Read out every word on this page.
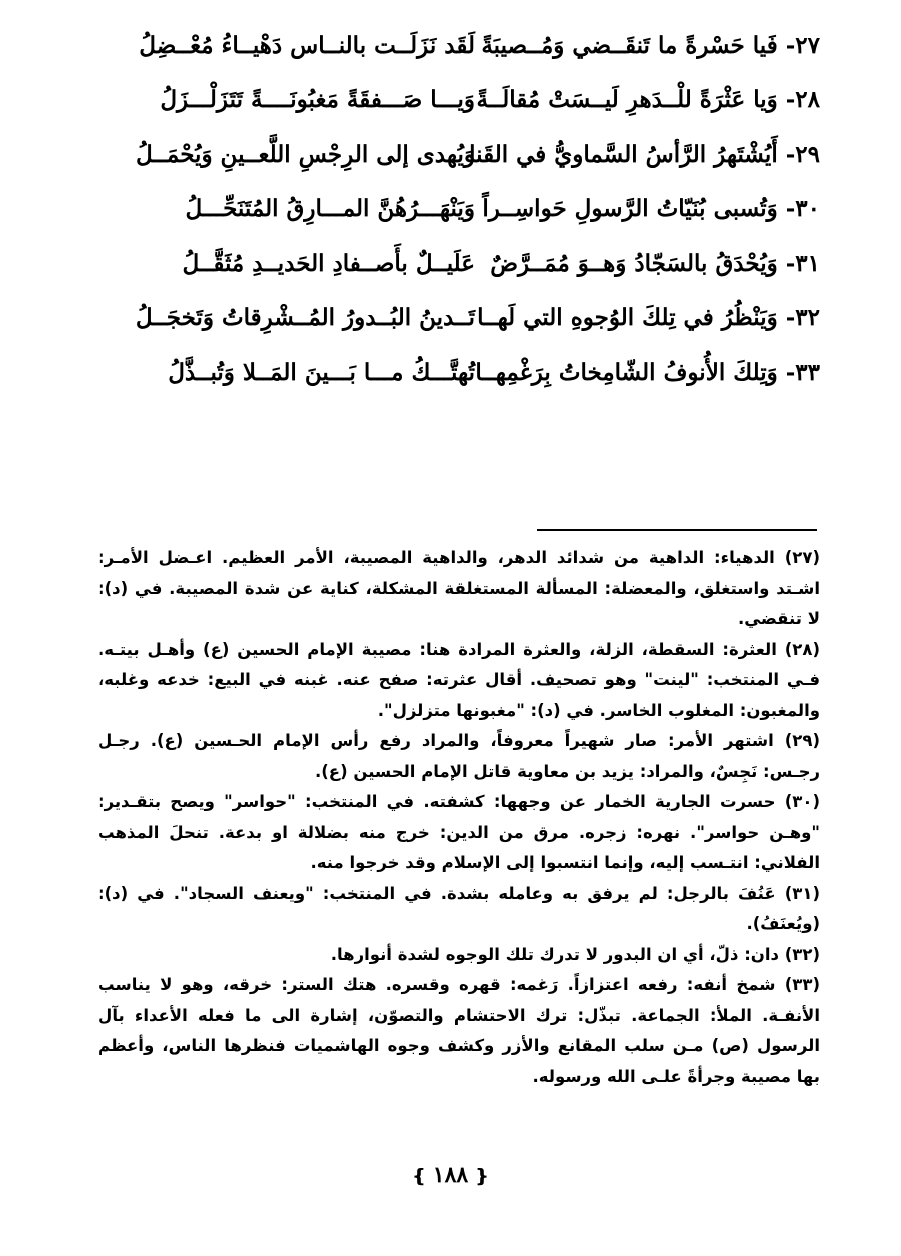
٢٧- فَيا حَسْرةً ما تَنقَــضي وَمُــصيبَةً
لَقَد نَزَلَــت بالنــاس دَهْيــاءُ مُعْــضِلُ
٢٨- وَيا عَثْرَةً للْــدَهرِ لَيــسَتْ مُقالَــةً
وَيـــا صَـــفقَةً مَغبُونَــــةً تَتَزَلْـــزَلُ
٢٩- أَيُشْتَهرُ الرَّأسُ السَّماويُّ في القَنا
وَيُهدى إلى الرِجْسِ اللَّعــينِ وَيُحْمَــلُ
٣٠- وَتُسبى بُنَيّاتُ الرَّسولِ حَواسِــراً
وَيَنْهَـــرُهُنَّ المـــارِقُ المُتَنَحِّـــلُ
٣١- وَيُحْدَقُ بالسَجّادُ وَهــوَ مُمَــرَّضٌ
عَلَيــلٌ بأَصــفادِ الحَديــدِ مُثَقَّــلُ
٣٢- وَيَنْظُرُ في تِلكَ الوُجوهِ التي لَهــا
تَــدينُ البُــدورُ المُــشْرِقاتُ وَتَخجَــلُ
٣٣- وَتِلكَ الأُنوفُ الشّامِخاتُ بِرَغْمِهــا
تُهتَّـــكُ مـــا بَـــينَ المَــلا وَتُبــذَّلُ

(٢٧) الدهياء: الداهية من شدائد الدهر، والداهية المصيبة، الأمر العظيم. اعـضل الأمـر: اشـتد واستغلق، والمعضلة: المسألة المستغلقة المشكلة، كناية عن شدة المصيبة. في (د): لا تنقضي.

(٢٨) العثرة: السقطة، الزلة، والعثرة المرادة هنا: مصيبة الإمام الحسين (ع) وأهـل بيتـه. فـي المنتخب: "لينت" وهو تصحيف. أقال عثرته: صفح عنه. غبنه في البيع: خدعه وغلبه، والمغبون: المغلوب الخاسر. في (د): "مغبونها متزلزل".

(٢٩) اشتهر الأمر: صار شهيراً معروفاً، والمراد رفع رأس الإمام الحـسين (ع). رجـل رجـس: نَجِسٌ، والمراد: يزيد بن معاوية قاتل الإمام الحسين (ع).

(٣٠) حسرت الجارية الخمار عن وجهها: كشفته. في المنتخب: "حواسر" ويصح بتقـدير: "وهـن حواسر". نهره: زجره. مرق من الدين: خرج منه بضلالة او بدعة. تنحلَ المذهب الفلاني: انتـسب إليه، وإنما انتسبوا إلى الإسلام وقد خرجوا منه.

(٣١) عَنُفَ بالرجل: لم يرفق به وعامله بشدة. في المنتخب: "ويعنف السجاد". في (د): (ويُعنَفُ).

(٣٢) دان: ذلّ، أي ان البدور لا تدرك تلك الوجوه لشدة أنوارها.

(٣٣) شمخ أنفه: رفعه اعتزازاً. رَغمه: قهره وقسره. هتك الستر: خرقه، وهو لا يناسب الأنفـة. الملأ: الجماعة. تبذّل: ترك الاحتشام والتصوّن، إشارة الى ما فعله الأعداء بآل الرسول (ص) مـن سلب المقانع والأزر وكشف وجوه الهاشميات فنظرها الناس، وأعظم بها مصيبة وجرأةً علـى الله ورسوله.

❴ ١٨٨ ❵
